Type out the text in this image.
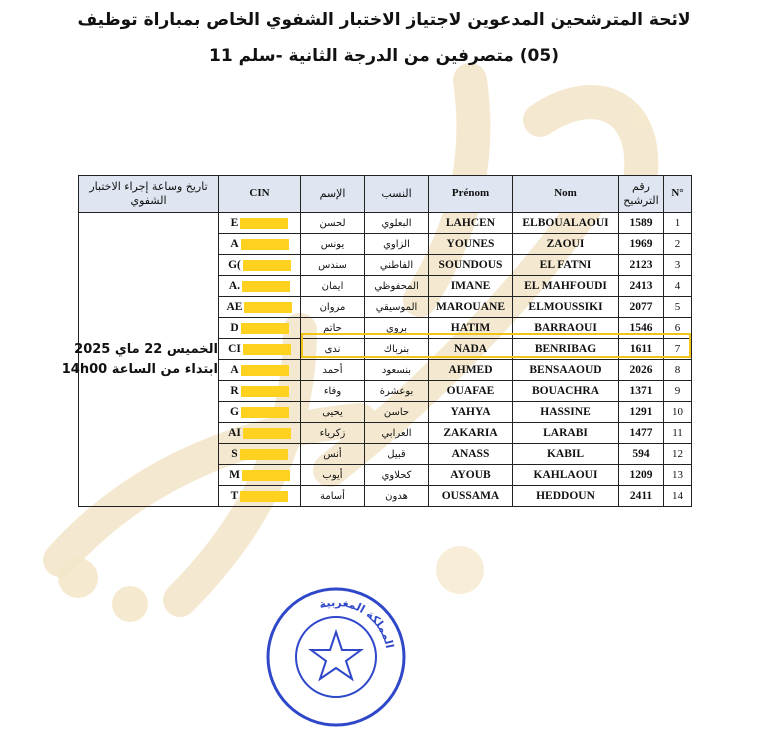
لائحة المترشحين المدعوين لاجتياز الاختبار الشفوي الخاص بمباراة توظيف
(05) متصرفين من الدرجة الثانية -سلم 11
تاريخ وساعة إجراء الاختبار الشفوي	CIN	الإسم	النسب	Prénom	Nom	رقم الترشيح	N°

الخميس 22 ماي 2025
ابتداء من الساعة 14h00	E	لحسن	البعلوي	LAHCEN	ELBOUALAOUI	1589	1
	A	يونس	الزاوي	YOUNES	ZAOUI	1969	2
	G(	سندس	الفاطني	SOUNDOUS	EL FATNI	2123	3
	A.	ايمان	المحفوظي	IMANE	EL MAHFOUDI	2413	4
	AE	مروان	الموسيقي	MAROUANE	ELMOUSSIKI	2077	5
	D	حاتم	بروي	HATIM	BARRAOUI	1546	6
	CI	ندى	بنرباك	NADA	BENRIBAG	1611	7
	A	أحمد	بنسعود	AHMED	BENSAAOUD	2026	8
	R	وفاء	بوعشرة	OUAFAE	BOUACHRA	1371	9
	G	يحيى	حاسن	YAHYA	HASSINE	1291	10
	AI	زكرياء	العرابي	ZAKARIA	LARABI	1477	11
	S	أنس	قبيل	ANASS	KABIL	594	12
	M	أيوب	كحلاوي	AYOUB	KAHLAOUI	1209	13
	T	أسامة	هدون	OUSSAMA	HEDDOUN	2411	14
المملكة المغربية
